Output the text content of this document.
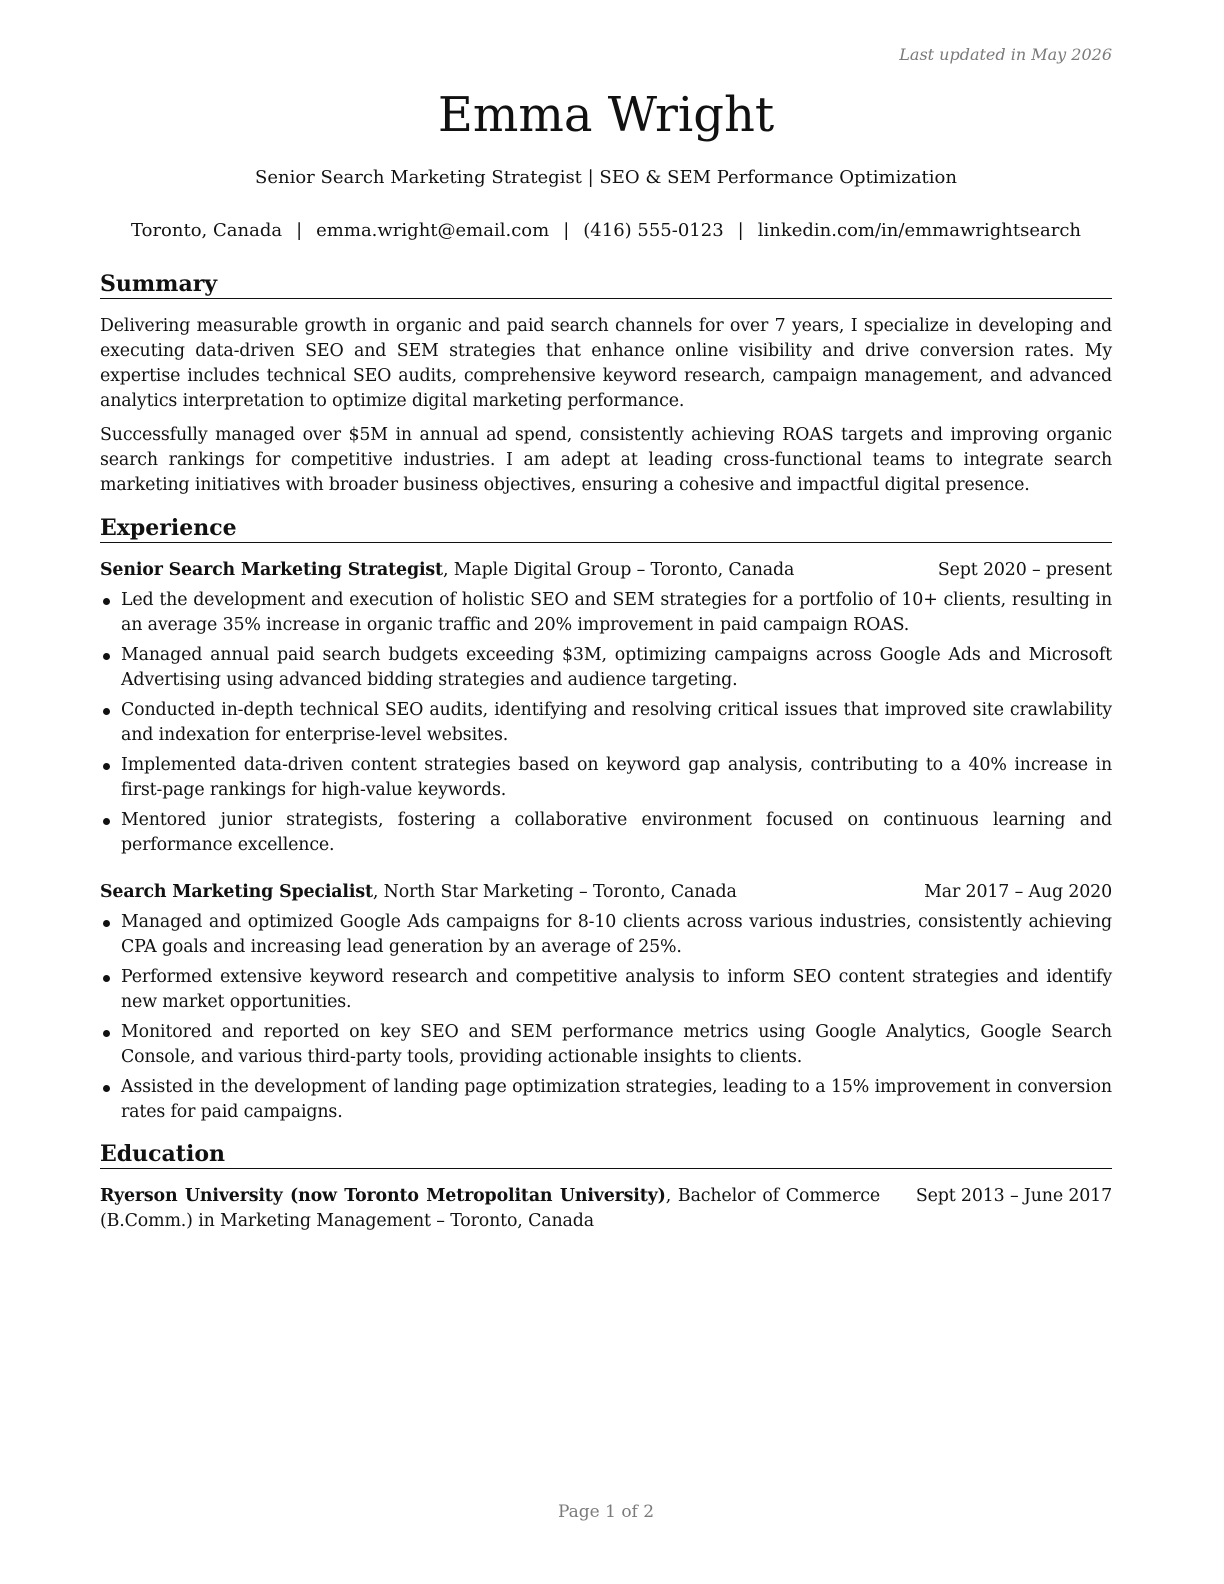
Last updated in May 2026
Emma Wright
Senior Search Marketing Strategist | SEO & SEM Performance Optimization
Toronto, Canada | emma.wright@email.com | (416) 555-0123 | linkedin.com/in/emmawrightsearch
Summary

Delivering measurable growth in organic and paid search channels for over 7 years, I specialize in developing and executing data-driven SEO and SEM strategies that enhance online visibility and drive conversion rates. My expertise includes technical SEO audits, comprehensive keyword research, campaign management, and advanced analytics interpretation to optimize digital marketing performance.

Successfully managed over $5M in annual ad spend, consistently achieving ROAS targets and improving organic search rankings for competitive industries. I am adept at leading cross-functional teams to integrate search marketing initiatives with broader business objectives, ensuring a cohesive and impactful digital presence.

Experience
Senior Search Marketing Strategist, Maple Digital Group – Toronto, Canada	Sept 2020 – present
Led the development and execution of holistic SEO and SEM strategies for a portfolio of 10+ clients, resulting in an average 35% increase in organic traffic and 20% improvement in paid campaign ROAS.
Managed annual paid search budgets exceeding $3M, optimizing campaigns across Google Ads and Microsoft Advertising using advanced bidding strategies and audience targeting.
Conducted in-depth technical SEO audits, identifying and resolving critical issues that improved site crawlability and indexation for enterprise-level websites.
Implemented data-driven content strategies based on keyword gap analysis, contributing to a 40% increase in first-page rankings for high-value keywords.
Mentored junior strategists, fostering a collaborative environment focused on continuous learning and performance excellence.
Search Marketing Specialist, North Star Marketing – Toronto, Canada	Mar 2017 – Aug 2020
Managed and optimized Google Ads campaigns for 8-10 clients across various industries, consistently achieving CPA goals and increasing lead generation by an average of 25%.
Performed extensive keyword research and competitive analysis to inform SEO content strategies and identify new market opportunities.
Monitored and reported on key SEO and SEM performance metrics using Google Analytics, Google Search Console, and various third-party tools, providing actionable insights to clients.
Assisted in the development of landing page optimization strategies, leading to a 15% improvement in conversion rates for paid campaigns.
Education
Ryerson University (now Toronto Metropolitan University), Bachelor of Commerce (B.Comm.) in Marketing Management – Toronto, Canada
Sept 2013 – June 2017
Page 1 of 2
